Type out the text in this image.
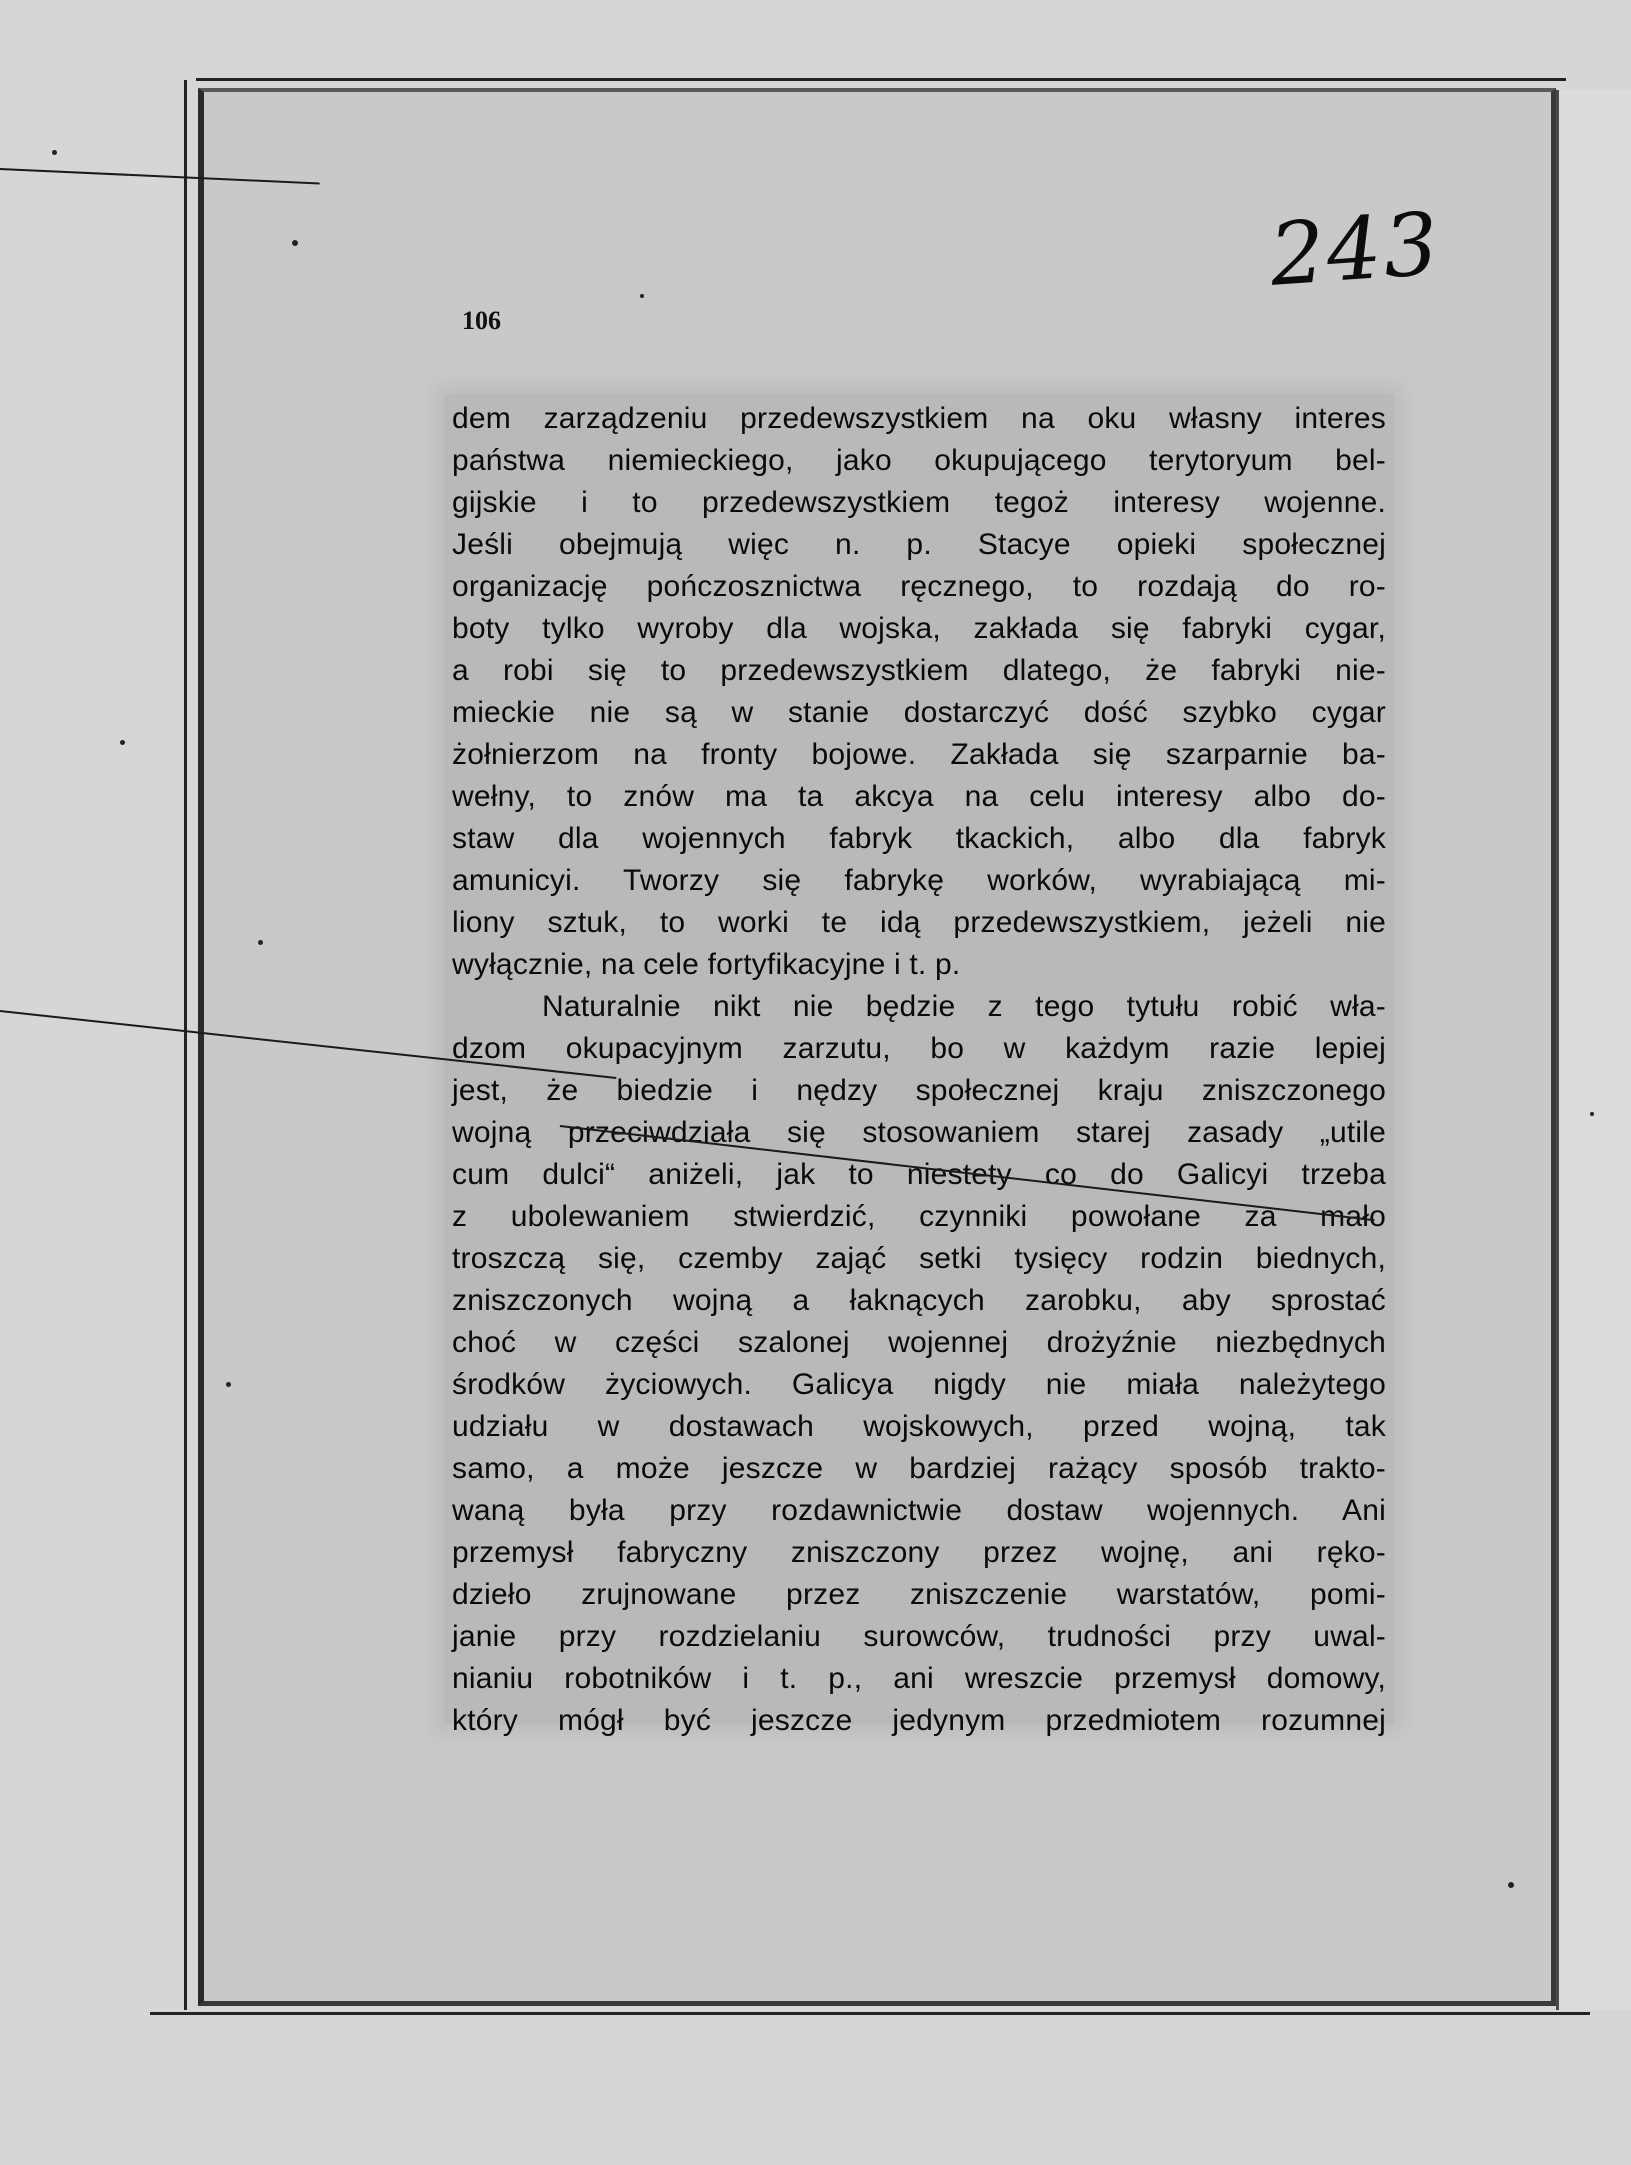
106
243
dem zarządzeniu przedewszystkiem na oku własny interes
państwa niemieckiego, jako okupującego terytoryum bel-
gijskie i to przedewszystkiem tegoż interesy wojenne.
Jeśli obejmują więc n. p. Stacye opieki społecznej
organizację pończosznictwa ręcznego, to rozdają do ro-
boty tylko wyroby dla wojska, zakłada się fabryki cygar,
a robi się to przedewszystkiem dlatego, że fabryki nie-
mieckie nie są w stanie dostarczyć dość szybko cygar
żołnierzom na fronty bojowe. Zakłada się szarparnie ba-
wełny, to znów ma ta akcya na celu interesy albo do-
staw dla wojennych fabryk tkackich, albo dla fabryk
amunicyi. Tworzy się fabrykę worków, wyrabiającą mi-
liony sztuk, to worki te idą przedewszystkiem, jeżeli nie
wyłącznie, na cele fortyfikacyjne i t. p.
Naturalnie nikt nie będzie z tego tytułu robić wła-
dzom okupacyjnym zarzutu, bo w każdym razie lepiej
jest, że biedzie i nędzy społecznej kraju zniszczonego
wojną przeciwdziała się stosowaniem starej zasady „utile
cum dulci“ aniżeli, jak to niestety co do Galicyi trzeba
z ubolewaniem stwierdzić, czynniki powołane za mało
troszczą się, czemby zająć setki tysięcy rodzin biednych,
zniszczonych wojną a łaknących zarobku, aby sprostać
choć w części szalonej wojennej drożyźnie niezbędnych
środków życiowych. Galicya nigdy nie miała należytego
udziału w dostawach wojskowych, przed wojną, tak
samo, a może jeszcze w bardziej rażący sposób trakto-
waną była przy rozdawnictwie dostaw wojennych. Ani
przemysł fabryczny zniszczony przez wojnę, ani ręko-
dzieło zrujnowane przez zniszczenie warstatów, pomi-
janie przy rozdzielaniu surowców, trudności przy uwal-
nianiu robotników i t. p., ani wreszcie przemysł domowy,
który mógł być jeszcze jedynym przedmiotem rozumnej
